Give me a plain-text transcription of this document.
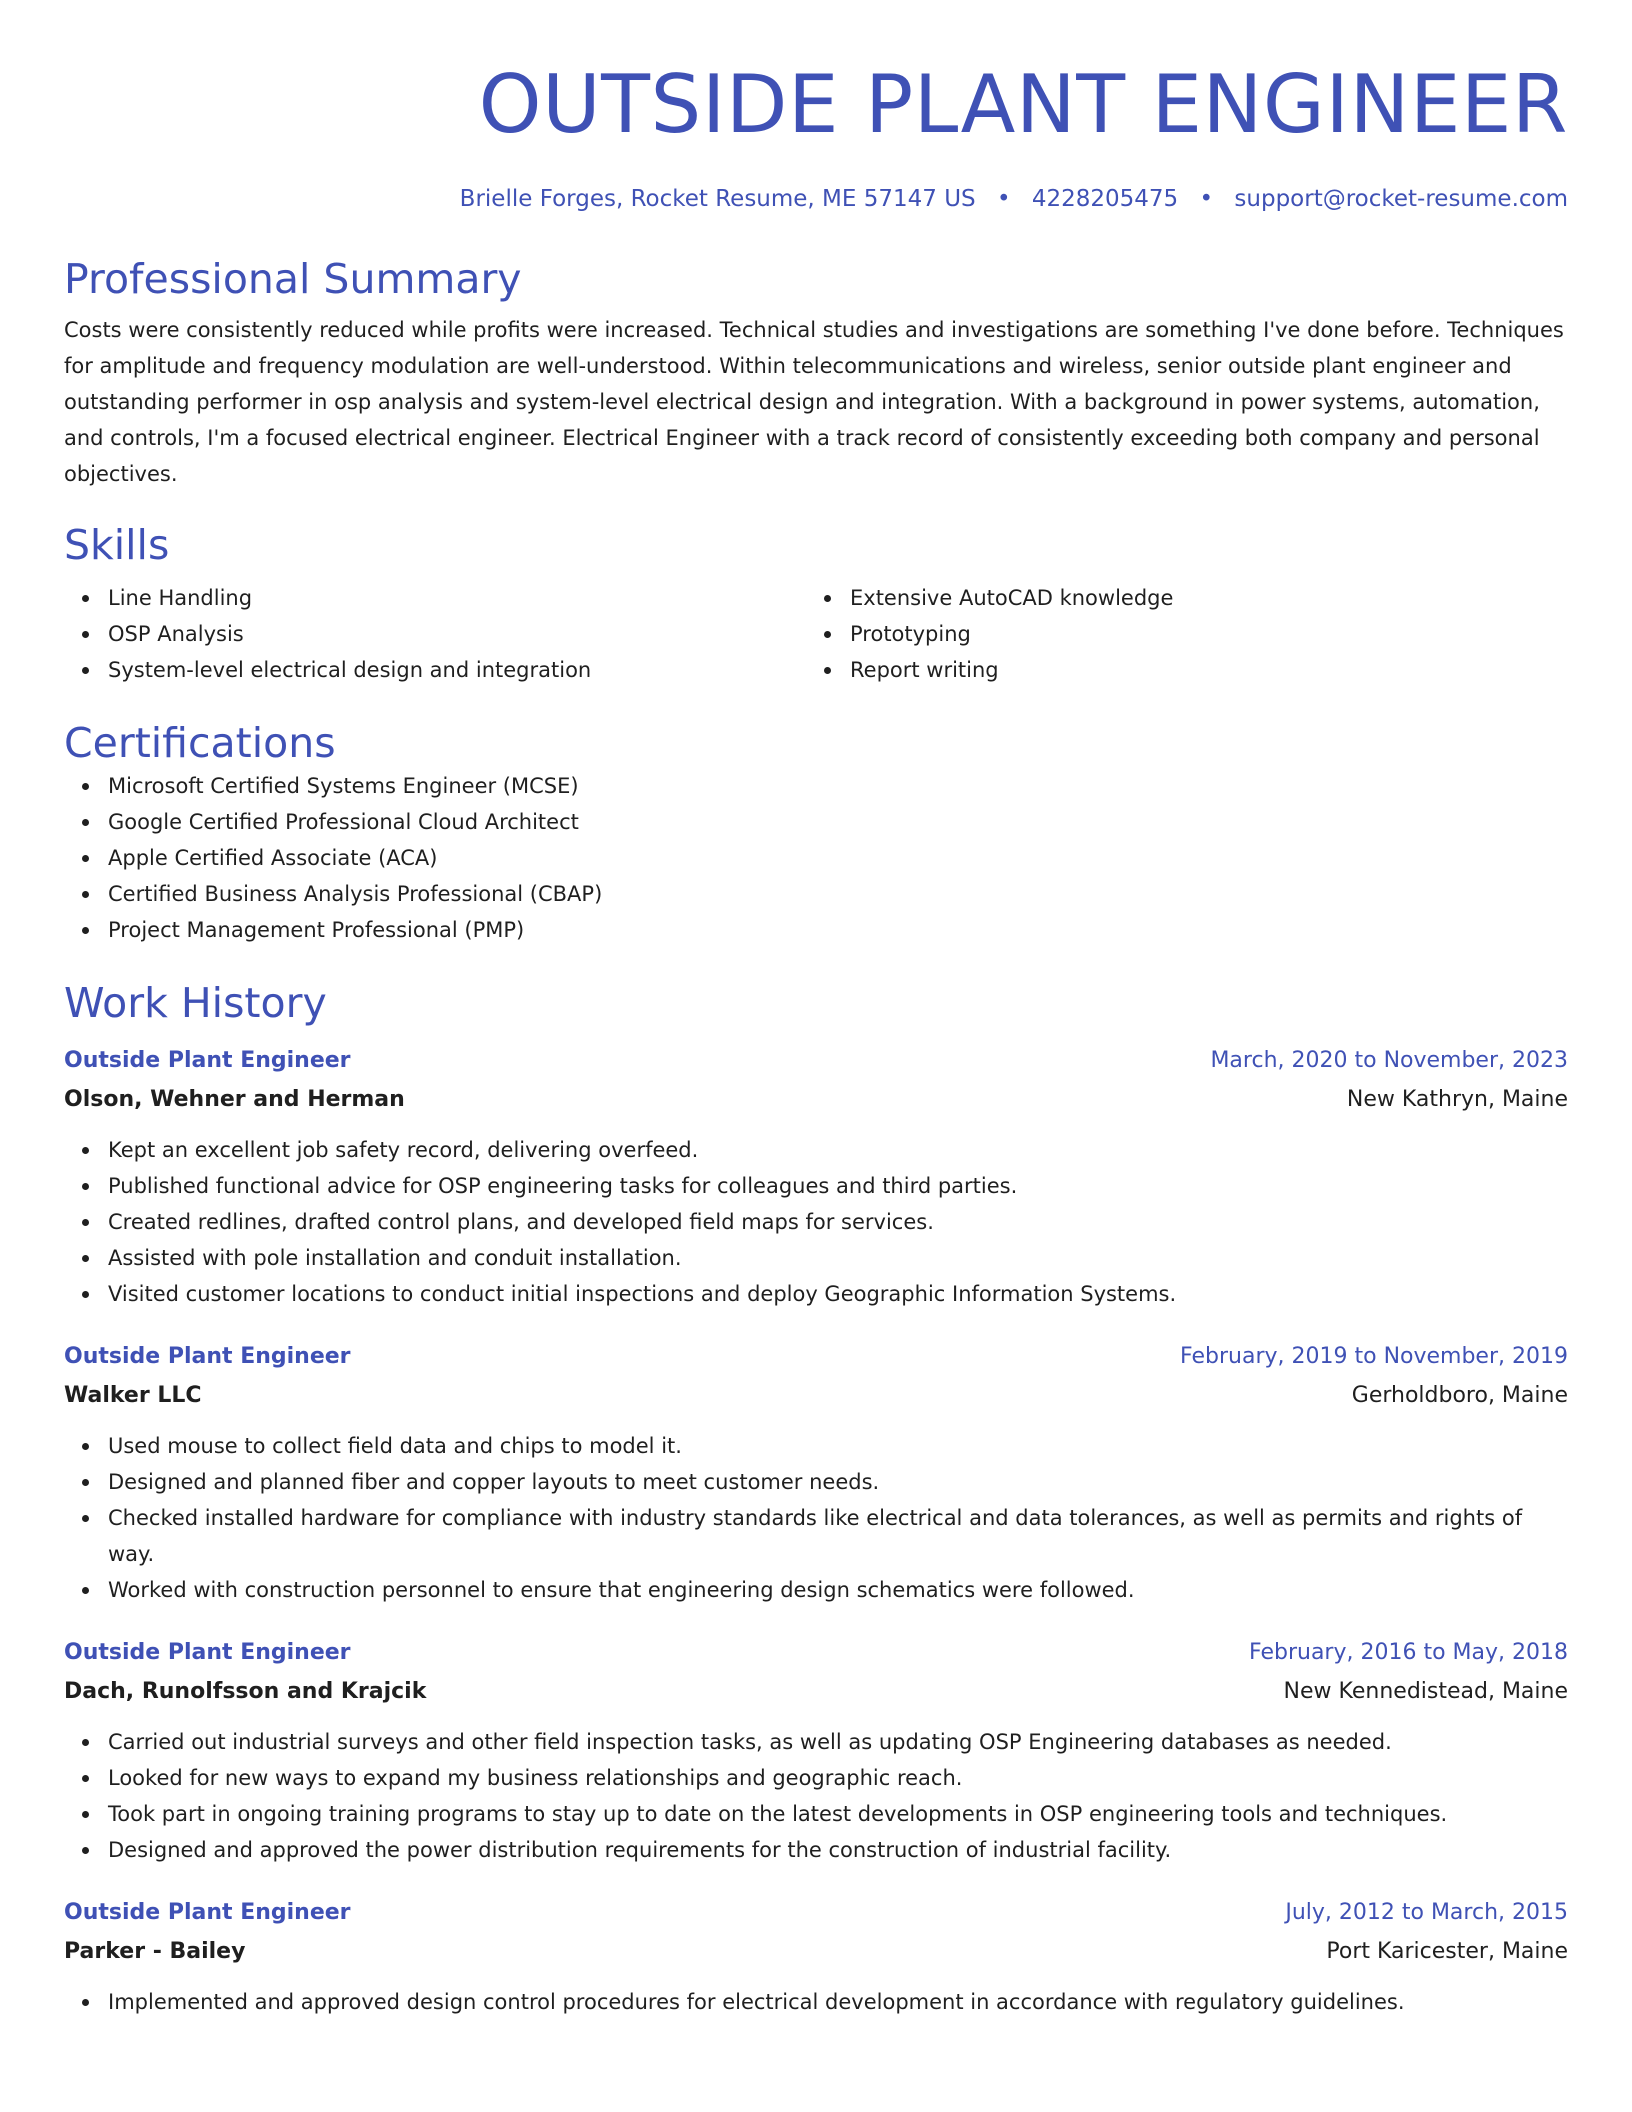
OUTSIDE PLANT ENGINEER
Brielle Forges, Rocket Resume, ME 57147 US • 4228205475 • support@rocket-resume.com
Professional Summary

Costs were consistently reduced while profits were increased. Technical studies and investigations are something I've done before. Techniques for amplitude and frequency modulation are well-understood. Within telecommunications and wireless, senior outside plant engineer and outstanding performer in osp analysis and system-level electrical design and integration. With a background in power systems, automation, and controls, I'm a focused electrical engineer. Electrical Engineer with a track record of consistently exceeding both company and personal objectives.

Skills
Line Handling
OSP Analysis
System-level electrical design and integration
Extensive AutoCAD knowledge
Prototyping
Report writing
Certifications
Microsoft Certified Systems Engineer (MCSE)
Google Certified Professional Cloud Architect
Apple Certified Associate (ACA)
Certified Business Analysis Professional (CBAP)
Project Management Professional (PMP)
Work History
Outside Plant Engineer	March, 2020 to November, 2023
Olson, Wehner and Herman	New Kathryn, Maine
Kept an excellent job safety record, delivering overfeed.
Published functional advice for OSP engineering tasks for colleagues and third parties.
Created redlines, drafted control plans, and developed field maps for services.
Assisted with pole installation and conduit installation.
Visited customer locations to conduct initial inspections and deploy Geographic Information Systems.
Outside Plant Engineer	February, 2019 to November, 2019
Walker LLC	Gerholdboro, Maine
Used mouse to collect field data and chips to model it.
Designed and planned fiber and copper layouts to meet customer needs.
Checked installed hardware for compliance with industry standards like electrical and data tolerances, as well as permits and rights of way.
Worked with construction personnel to ensure that engineering design schematics were followed.
Outside Plant Engineer	February, 2016 to May, 2018
Dach, Runolfsson and Krajcik	New Kennedistead, Maine
Carried out industrial surveys and other field inspection tasks, as well as updating OSP Engineering databases as needed.
Looked for new ways to expand my business relationships and geographic reach.
Took part in ongoing training programs to stay up to date on the latest developments in OSP engineering tools and techniques.
Designed and approved the power distribution requirements for the construction of industrial facility.
Outside Plant Engineer	July, 2012 to March, 2015
Parker - Bailey	Port Karicester, Maine
Implemented and approved design control procedures for electrical development in accordance with regulatory guidelines.
